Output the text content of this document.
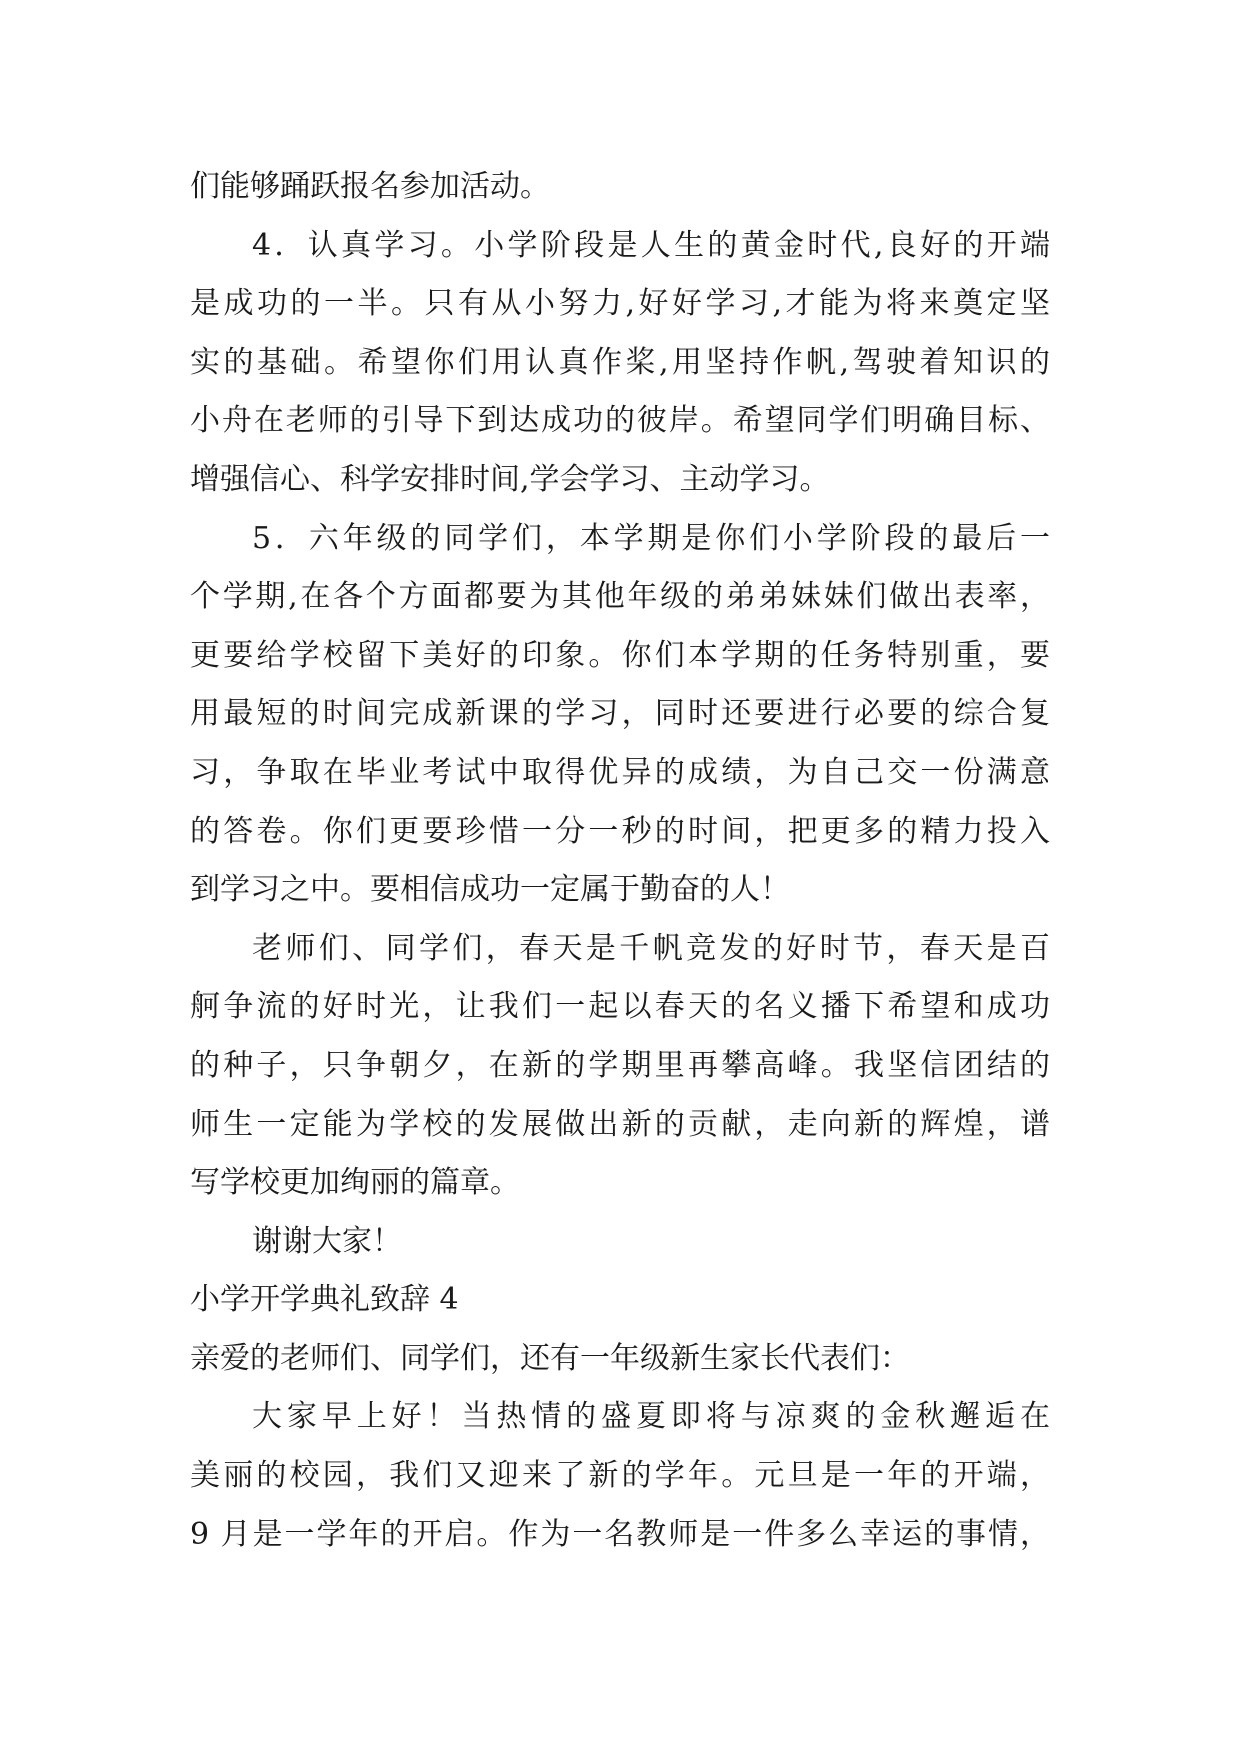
们能够踊跃报名参加活动。
4．认真学习。小学阶段是人生的黄金时代,良好的开端
是成功的一半。只有从小努力,好好学习,才能为将来奠定坚
实的基础。希望你们用认真作桨,用坚持作帆,驾驶着知识的
小舟在老师的引导下到达成功的彼岸。希望同学们明确目标、
增强信心、科学安排时间,学会学习、主动学习。
5．六年级的同学们，本学期是你们小学阶段的最后一
个学期,在各个方面都要为其他年级的弟弟妹妹们做出表率，
更要给学校留下美好的印象。你们本学期的任务特别重，要
用最短的时间完成新课的学习，同时还要进行必要的综合复
习，争取在毕业考试中取得优异的成绩，为自己交一份满意
的答卷。你们更要珍惜一分一秒的时间，把更多的精力投入
到学习之中。要相信成功一定属于勤奋的人！
老师们、同学们，春天是千帆竞发的好时节，春天是百
舸争流的好时光，让我们一起以春天的名义播下希望和成功
的种子，只争朝夕，在新的学期里再攀高峰。我坚信团结的
师生一定能为学校的发展做出新的贡献，走向新的辉煌，谱
写学校更加绚丽的篇章。
谢谢大家！
小学开学典礼致辞 4
亲爱的老师们、同学们，还有一年级新生家长代表们：
大家早上好！当热情的盛夏即将与凉爽的金秋邂逅在
美丽的校园，我们又迎来了新的学年。元旦是一年的开端，
9 月是一学年的开启。作为一名教师是一件多么幸运的事情，
